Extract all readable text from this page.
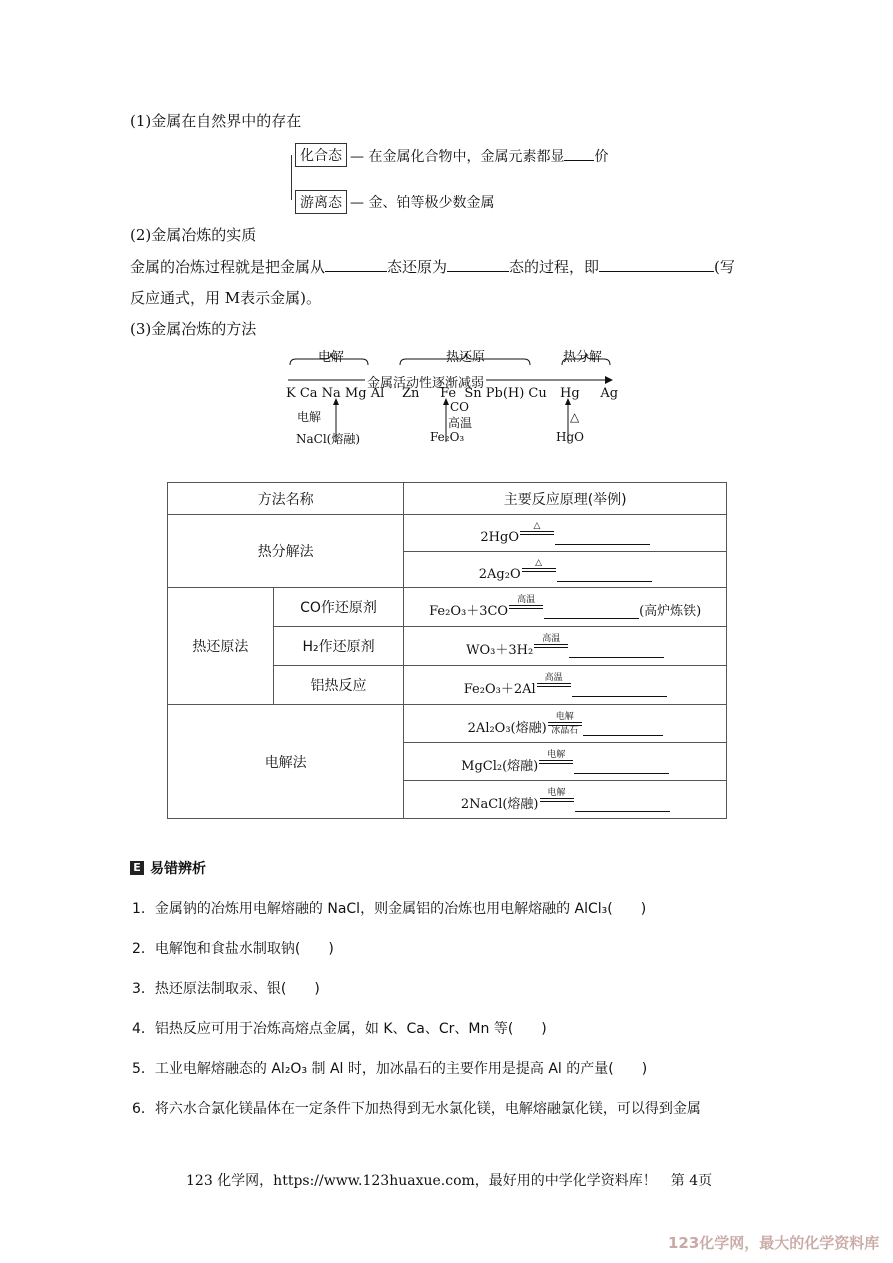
(1)金属在自然界中的存在
化合态 — 在金属化合物中，金属元素都显 价
游离态 — 金、铂等极少数金属
(2)金属冶炼的实质
金属的冶炼过程就是把金属从	态还原为	态的过程，即	(写
反应通式，用 M表示金属)。
(3)金属冶炼的方法
电解	热还原	热分解
金属活动性逐渐减弱
K Ca Na Mg Al Zn     Fe  Sn Pb(H) Cu Hg     Ag
电解
NaCl(熔融)
CO
高温
Fe₂O₃
△
HgO
方法名称		主要反应原理(举例)
热分解法		2HgO
△

		2Ag₂O
△

热还原法	CO作还原剂	Fe₂O₃＋3CO
高温
(高炉炼铁)

	H₂作还原剂	WO₃＋3H₂
高温

	铝热反应	Fe₂O₃＋2Al
高温

电解法		2Al₂O₃(熔融)
电解
冰晶石

		MgCl₂(熔融)
电解

		2NaCl(熔融)
电解
E 易错辨析
1．金属钠的冶炼用电解熔融的 NaCl，则金属铝的冶炼也用电解熔融的 AlCl₃(　　)
2．电解饱和食盐水制取钠(　　)
3．热还原法制取汞、银(　　)
4．铝热反应可用于冶炼高熔点金属，如 K、Ca、Cr、Mn 等(　　)
5．工业电解熔融态的 Al₂O₃ 制 Al 时，加冰晶石的主要作用是提高 Al 的产量(　　)
6．将六水合氯化镁晶体在一定条件下加热得到无水氯化镁，电解熔融氯化镁，可以得到金属
123 化学网，https://www.123huaxue.com，最好用的中学化学资料库！　第 4页
123化学网，最大的化学资料库
